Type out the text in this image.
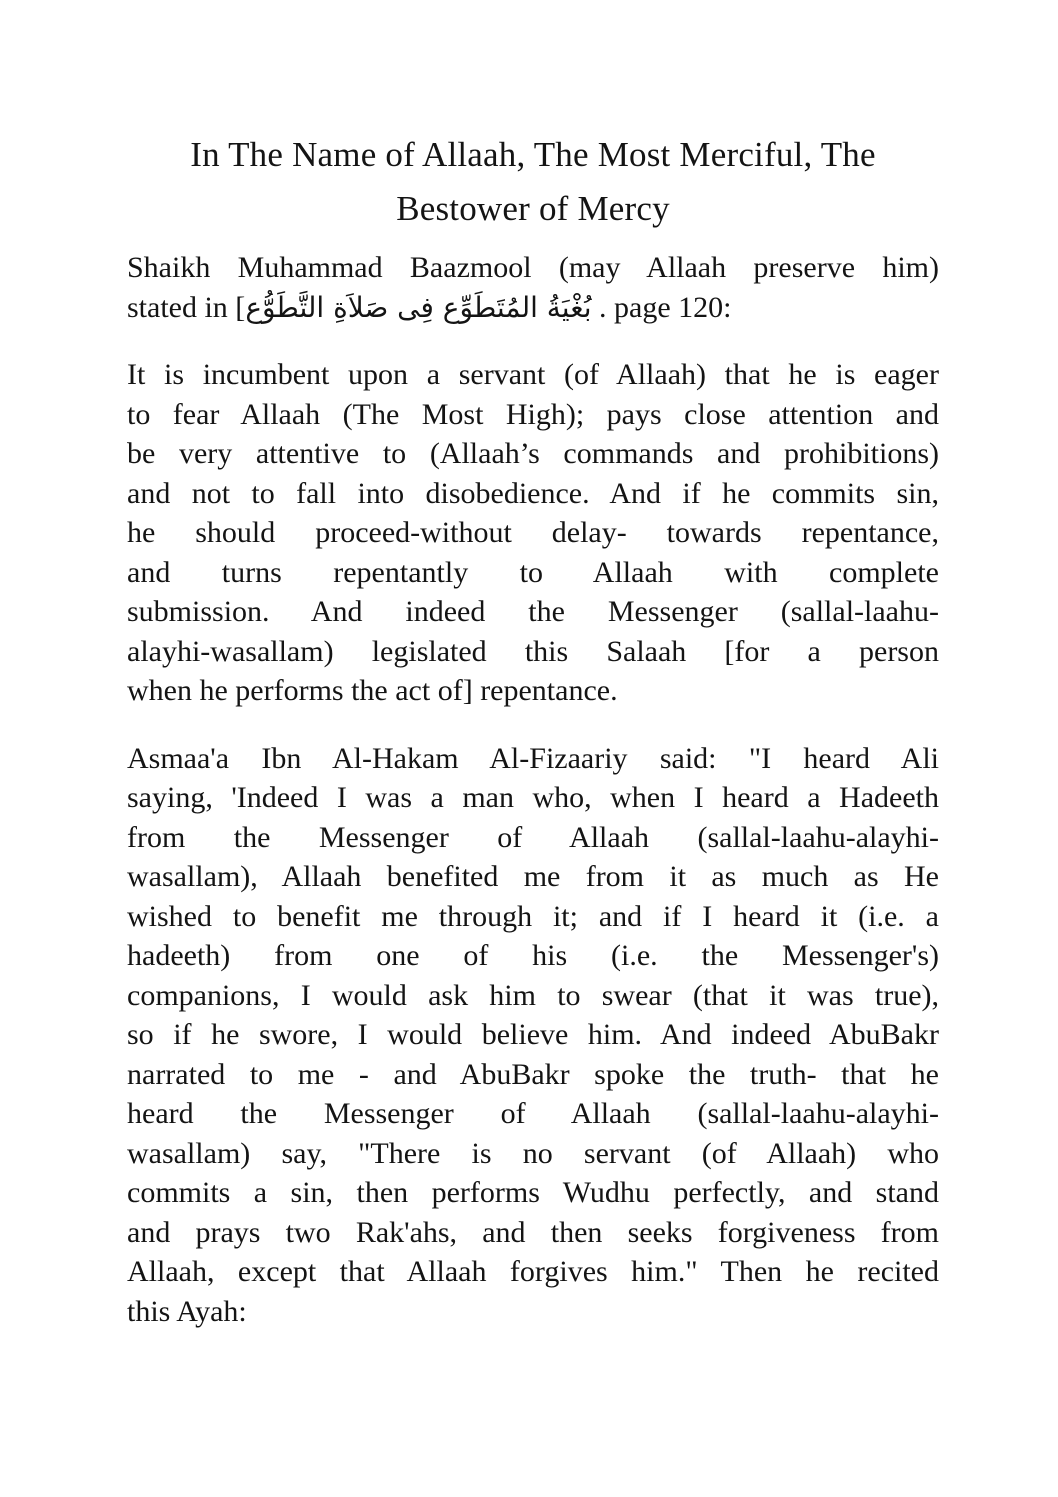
In The Name of Allaah, The Most Merciful, The
Bestower of Mercy
Shaikh Muhammad Baazmool (may Allaah preserve him)
stated in [بُغْيَةُ المُتَطَوِّع فِى صَلاَةِ التَّطَوُّع . page 120:
It is incumbent upon a servant (of Allaah) that he is eager
to fear Allaah (The Most High); pays close attention and
be very attentive to (Allaah’s commands and prohibitions)
and not to fall into disobedience. And if he commits sin,
he should proceed-without delay- towards repentance,
and turns repentantly to Allaah with complete
submission. And indeed the Messenger (sallal-laahu-
alayhi-wasallam) legislated this Salaah [for a person
when he performs the act of] repentance.
Asmaa'a Ibn Al-Hakam Al-Fizaariy said: "I heard Ali
saying, 'Indeed I was a man who, when I heard a Hadeeth
from the Messenger of Allaah (sallal-laahu-alayhi-
wasallam), Allaah benefited me from it as much as He
wished to benefit me through it; and if I heard it (i.e. a
hadeeth) from one of his (i.e. the Messenger's)
companions, I would ask him to swear (that it was true),
so if he swore, I would believe him. And indeed AbuBakr
narrated to me - and AbuBakr spoke the truth- that he
heard the Messenger of Allaah (sallal-laahu-alayhi-
wasallam) say, "There is no servant (of Allaah) who
commits a sin, then performs Wudhu perfectly, and stand
and prays two Rak'ahs, and then seeks forgiveness from
Allaah, except that Allaah forgives him." Then he recited
this Ayah:
